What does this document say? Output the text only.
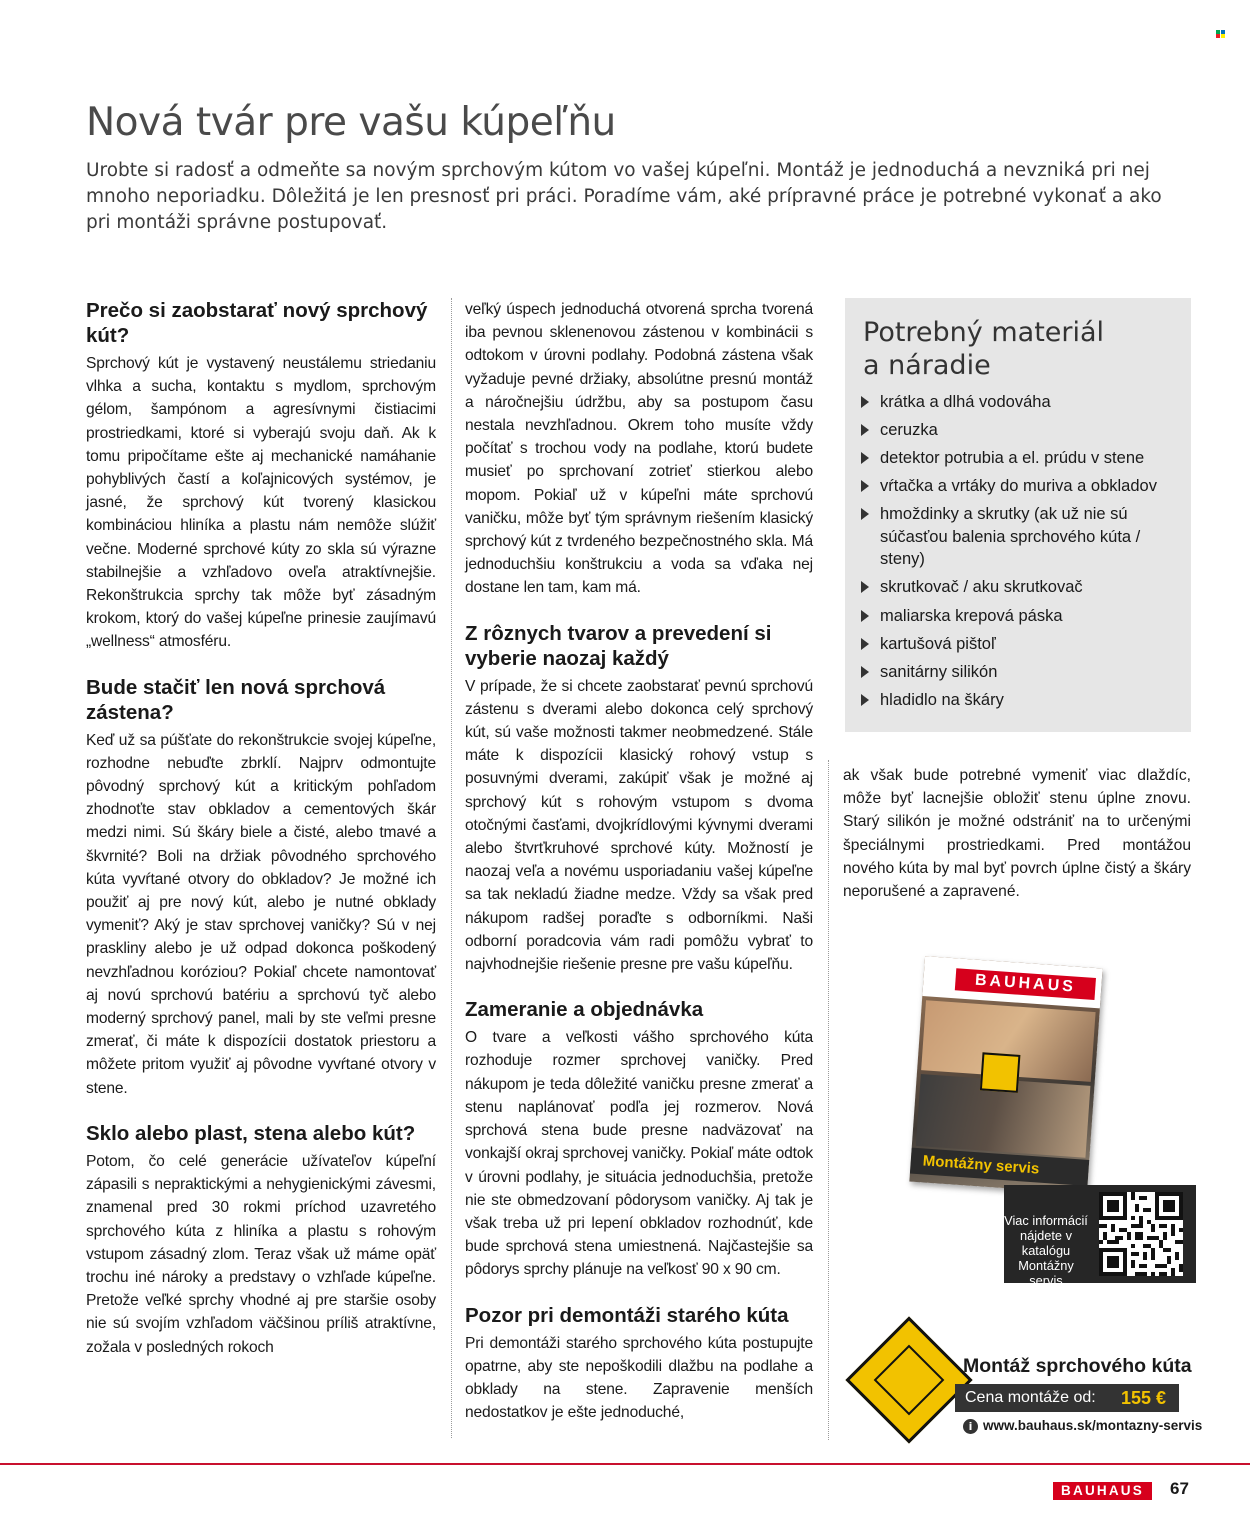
Nová tvár pre vašu kúpeľňu

Urobte si radosť a odmeňte sa novým sprchovým kútom vo vašej kúpeľni. Montáž je jednoduchá a nevzniká pri nej mnoho neporiadku. Dôležitá je len presnosť pri práci. Poradíme vám, aké prípravné práce je potrebné vykonať a ako pri montáži správne postupovať.

Prečo si zaobstarať nový sprchový kút?

Sprchový kút je vystavený neustálemu striedaniu vlhka a sucha, kontaktu s mydlom, sprchovým gélom, šampónom a agresívnymi čistiacimi prostriedkami, ktoré si vyberajú svoju daň. Ak k tomu pripočítame ešte aj mechanické namáhanie pohyblivých častí a koľajnicových systémov, je jasné, že sprchový kút tvorený klasickou kombináciou hliníka a plastu nám nemôže slúžiť večne. Moderné sprchové kúty zo skla sú výrazne stabilnejšie a vzhľadovo oveľa atraktívnejšie. Rekonštrukcia sprchy tak môže byť zásadným krokom, ktorý do vašej kúpeľne prinesie zaujímavú „wellness“ atmosféru.

Bude stačiť len nová sprchová zástena?

Keď už sa púšťate do rekonštrukcie svojej kúpeľne, rozhodne nebuďte zbrklí. Najprv odmontujte pôvodný sprchový kút a kritickým pohľadom zhodnoťte stav obkladov a cementových škár medzi nimi. Sú škáry biele a čisté, alebo tmavé a škvrnité? Boli na držiak pôvodného sprchového kúta vyvŕtané otvory do obkladov? Je možné ich použiť aj pre nový kút, alebo je nutné obklady vymeniť? Aký je stav sprchovej vaničky? Sú v nej praskliny alebo je už odpad dokonca poškodený nevzhľadnou koróziou? Pokiaľ chcete namontovať aj novú sprchovú batériu a sprchovú tyč alebo moderný sprchový panel, mali by ste veľmi presne zmerať, či máte k dispozícii dostatok priestoru a môžete pritom využiť aj pôvodne vyvŕtané otvory v stene.

Sklo alebo plast, stena alebo kút?

Potom, čo celé generácie užívateľov kúpeľní zápasili s nepraktickými a nehygienickými závesmi, znamenal pred 30 rokmi príchod uzavretého sprchového kúta z hliníka a plastu s rohovým vstupom zásadný zlom. Teraz však už máme opäť trochu iné nároky a predstavy o vzhľade kúpeľne. Pretože veľké sprchy vhodné aj pre staršie osoby nie sú svojím vzhľadom väčšinou príliš atraktívne, zožala v posledných rokoch

veľký úspech jednoduchá otvorená sprcha tvorená iba pevnou sklenenovou zástenou v kombinácii s odtokom v úrovni podlahy. Podobná zástena však vyžaduje pevné držiaky, absolútne presnú montáž a náročnejšiu údržbu, aby sa postupom času nestala nevzhľadnou. Okrem toho musíte vždy počítať s trochou vody na podlahe, ktorú budete musieť po sprchovaní zotrieť stierkou alebo mopom. Pokiaľ už v kúpeľni máte sprchovú vaničku, môže byť tým správnym riešením klasický sprchový kút z tvrdeného bezpečnostného skla. Má jednoduchšiu konštrukciu a voda sa vďaka nej dostane len tam, kam má.

Z rôznych tvarov a prevedení si vyberie naozaj každý

V prípade, že si chcete zaobstarať pevnú sprchovú zástenu s dverami alebo dokonca celý sprchový kút, sú vaše možnosti takmer neobmedzené. Stále máte k dispozícii klasický rohový vstup s posuvnými dverami, zakúpiť však je možné aj sprchový kút s rohovým vstupom s dvoma otočnými časťami, dvojkrídlovými kývnymi dverami alebo štvrťkruhové sprchové kúty. Možností je naozaj veľa a novému usporiadaniu vašej kúpeľne sa tak nekladú žiadne medze. Vždy sa však pred nákupom radšej poraďte s odborníkmi. Naši odborní poradcovia vám radi pomôžu vybrať to najvhodnejšie riešenie presne pre vašu kúpeľňu.

Zameranie a objednávka

O tvare a veľkosti vášho sprchového kúta rozhoduje rozmer sprchovej vaničky. Pred nákupom je teda dôležité vaničku presne zmerať a stenu naplánovať podľa jej rozmerov. Nová sprchová stena bude presne nadväzovať na vonkajší okraj sprchovej vaničky. Pokiaľ máte odtok v úrovni podlahy, je situácia jednoduchšia, pretože nie ste obmedzovaní pôdorysom vaničky. Aj tak je však treba už pri lepení obkladov rozhodnúť, kde bude sprchová stena umiestnená. Najčastejšie sa pôdorys sprchy plánuje na veľkosť 90 x 90 cm.

Pozor pri demontáži starého kúta

Pri demontáži starého sprchového kúta postupujte opatrne, aby ste nepoškodili dlažbu na podlahe a obklady na stene. Zapravenie menších nedostatkov je ešte jednoduché,

Potrebný materiál
a náradie
krátka a dlhá vodováha
ceruzka
detektor potrubia a el. prúdu v stene
vŕtačka a vrtáky do muriva a obkladov
hmoždinky a skrutky (ak už nie sú súčasťou balenia sprchového kúta / steny)
skrutkovač / aku skrutkovač
maliarska krepová páska
kartušová pištoľ
sanitárny silikón
hladidlo na škáry

ak však bude potrebné vymeniť viac dlaždíc, môže byť lacnejšie obložiť stenu úplne znovu. Starý silikón je možné odstrániť na to určenými špeciálnymi prostriedkami. Pred montážou nového kúta by mal byť povrch úplne čistý a škáry neporušené a zapravené.

BAUHAUS
Montážny servis

Viac informácií nájdete v katalógu Montážny servis

Montáž sprchového kúta

Cena montáže od: 155 €

i www.bauhaus.sk/montazny-servis

BAUHAUS	67
